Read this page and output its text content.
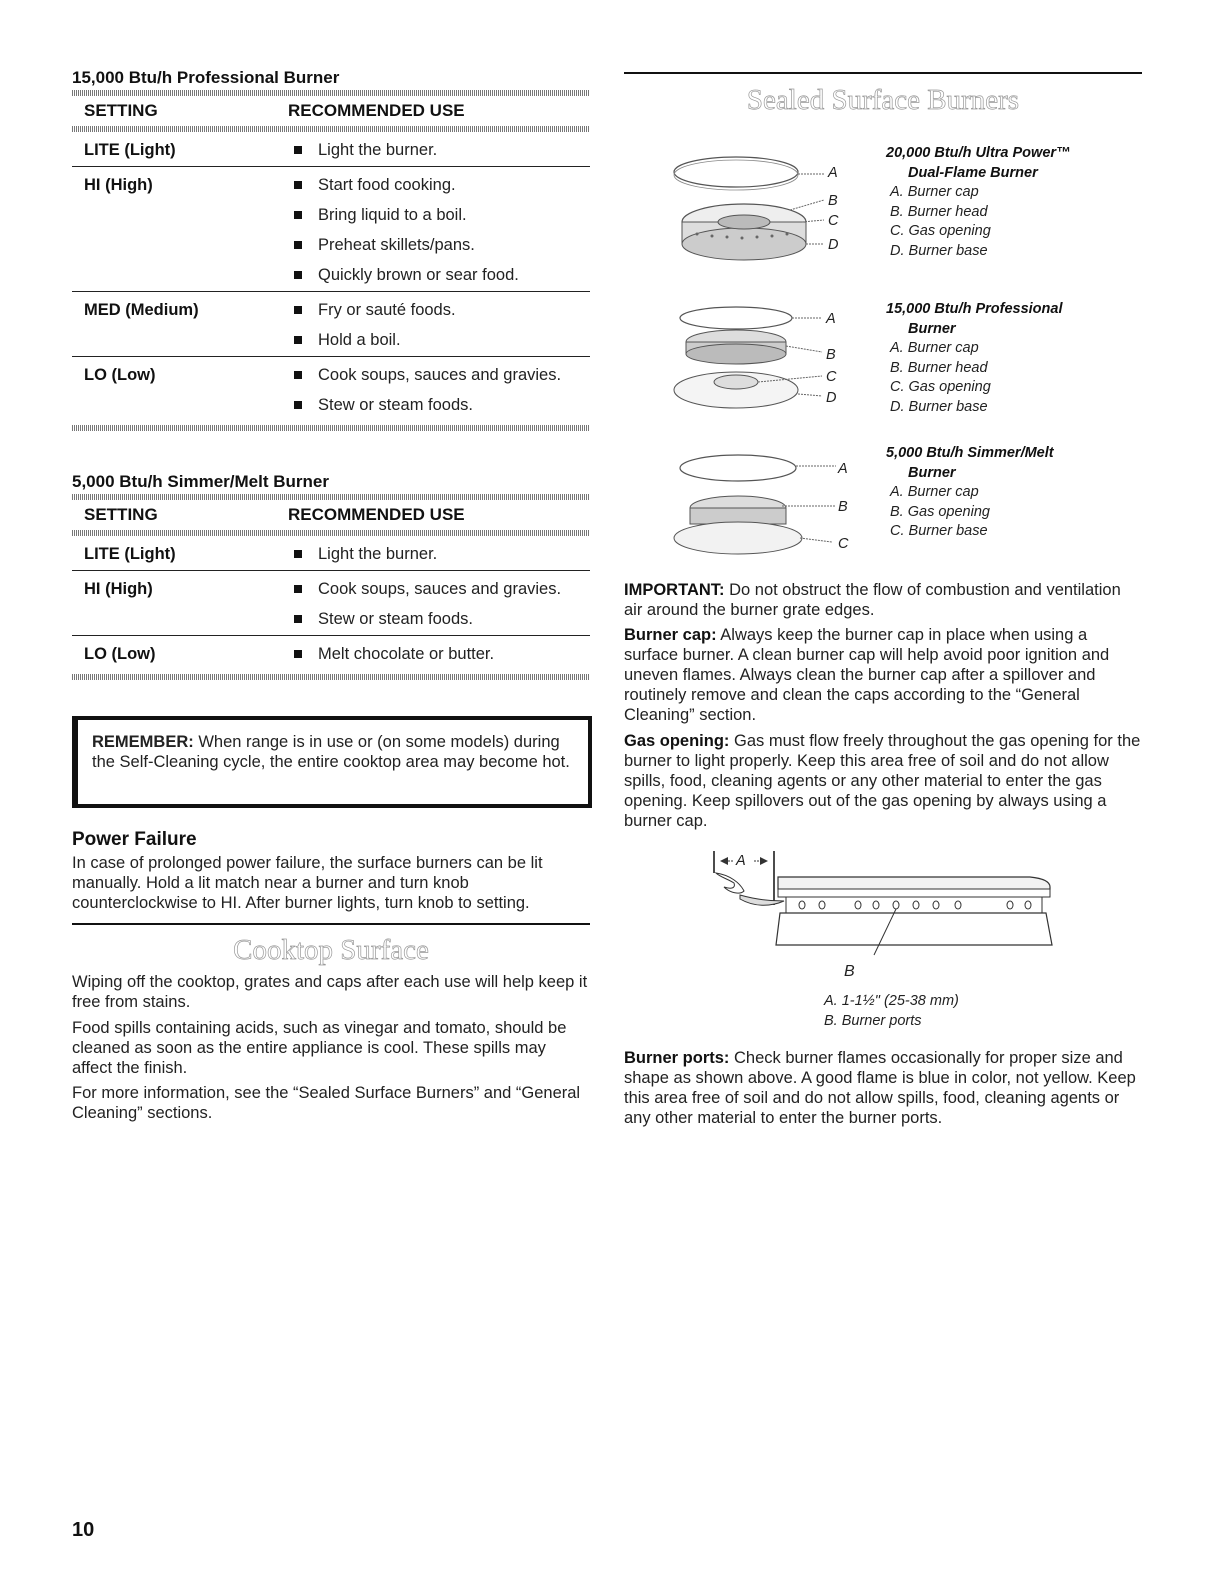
15,000 Btu/h Professional Burner
SETTING	RECOMMENDED USE
LITE (Light)	Light the burner.
HI (High)	Start food cooking.
Bring liquid to a boil.
Preheat skillets/pans.
Quickly brown or sear food.
MED (Medium)	Fry or sauté foods.
Hold a boil.
LO (Low)	Cook soups, sauces and gravies.
Stew or steam foods.
5,000 Btu/h Simmer/Melt Burner
SETTING	RECOMMENDED USE
LITE (Light)	Light the burner.
HI (High)	Cook soups, sauces and gravies.
Stew or steam foods.
LO (Low)	Melt chocolate or butter.

REMEMBER: When range is in use or (on some models) during the Self-Cleaning cycle, the entire cooktop area may become hot.

Power Failure

In case of prolonged power failure, the surface burners can be lit manually. Hold a lit match near a burner and turn knob counterclockwise to HI. After burner lights, turn knob to setting.

Cooktop Surface

Wiping off the cooktop, grates and caps after each use will help keep it free from stains.

Food spills containing acids, such as vinegar and tomato, should be cleaned as soon as the entire appliance is cool. These spills may affect the finish.

For more information, see the “Sealed Surface Burners” and “General Cleaning” sections.

Sealed Surface Burners
A
B
C
D
20,000 Btu/h Ultra Power™
Dual-Flame Burner
A. Burner cap
B. Burner head
C. Gas opening
D. Burner base
A
B
C
D
15,000 Btu/h Professional
Burner
A. Burner cap
B. Burner head
C. Gas opening
D. Burner base
A
B
C
5,000 Btu/h Simmer/Melt
Burner
A. Burner cap
B. Gas opening
C. Burner base

IMPORTANT: Do not obstruct the flow of combustion and ventilation air around the burner grate edges.

Burner cap: Always keep the burner cap in place when using a surface burner. A clean burner cap will help avoid poor ignition and uneven flames. Always clean the burner cap after a spillover and routinely remove and clean the caps according to the “General Cleaning” section.

Gas opening: Gas must flow freely throughout the gas opening for the burner to light properly. Keep this area free of soil and do not allow spills, food, cleaning agents or any other material to enter the gas opening. Keep spillovers out of the gas opening by always using a burner cap.

A
B
A. 1-1½" (25-38 mm)
B. Burner ports

Burner ports: Check burner flames occasionally for proper size and shape as shown above. A good flame is blue in color, not yellow. Keep this area free of soil and do not allow spills, food, cleaning agents or any other material to enter the burner ports.

10
